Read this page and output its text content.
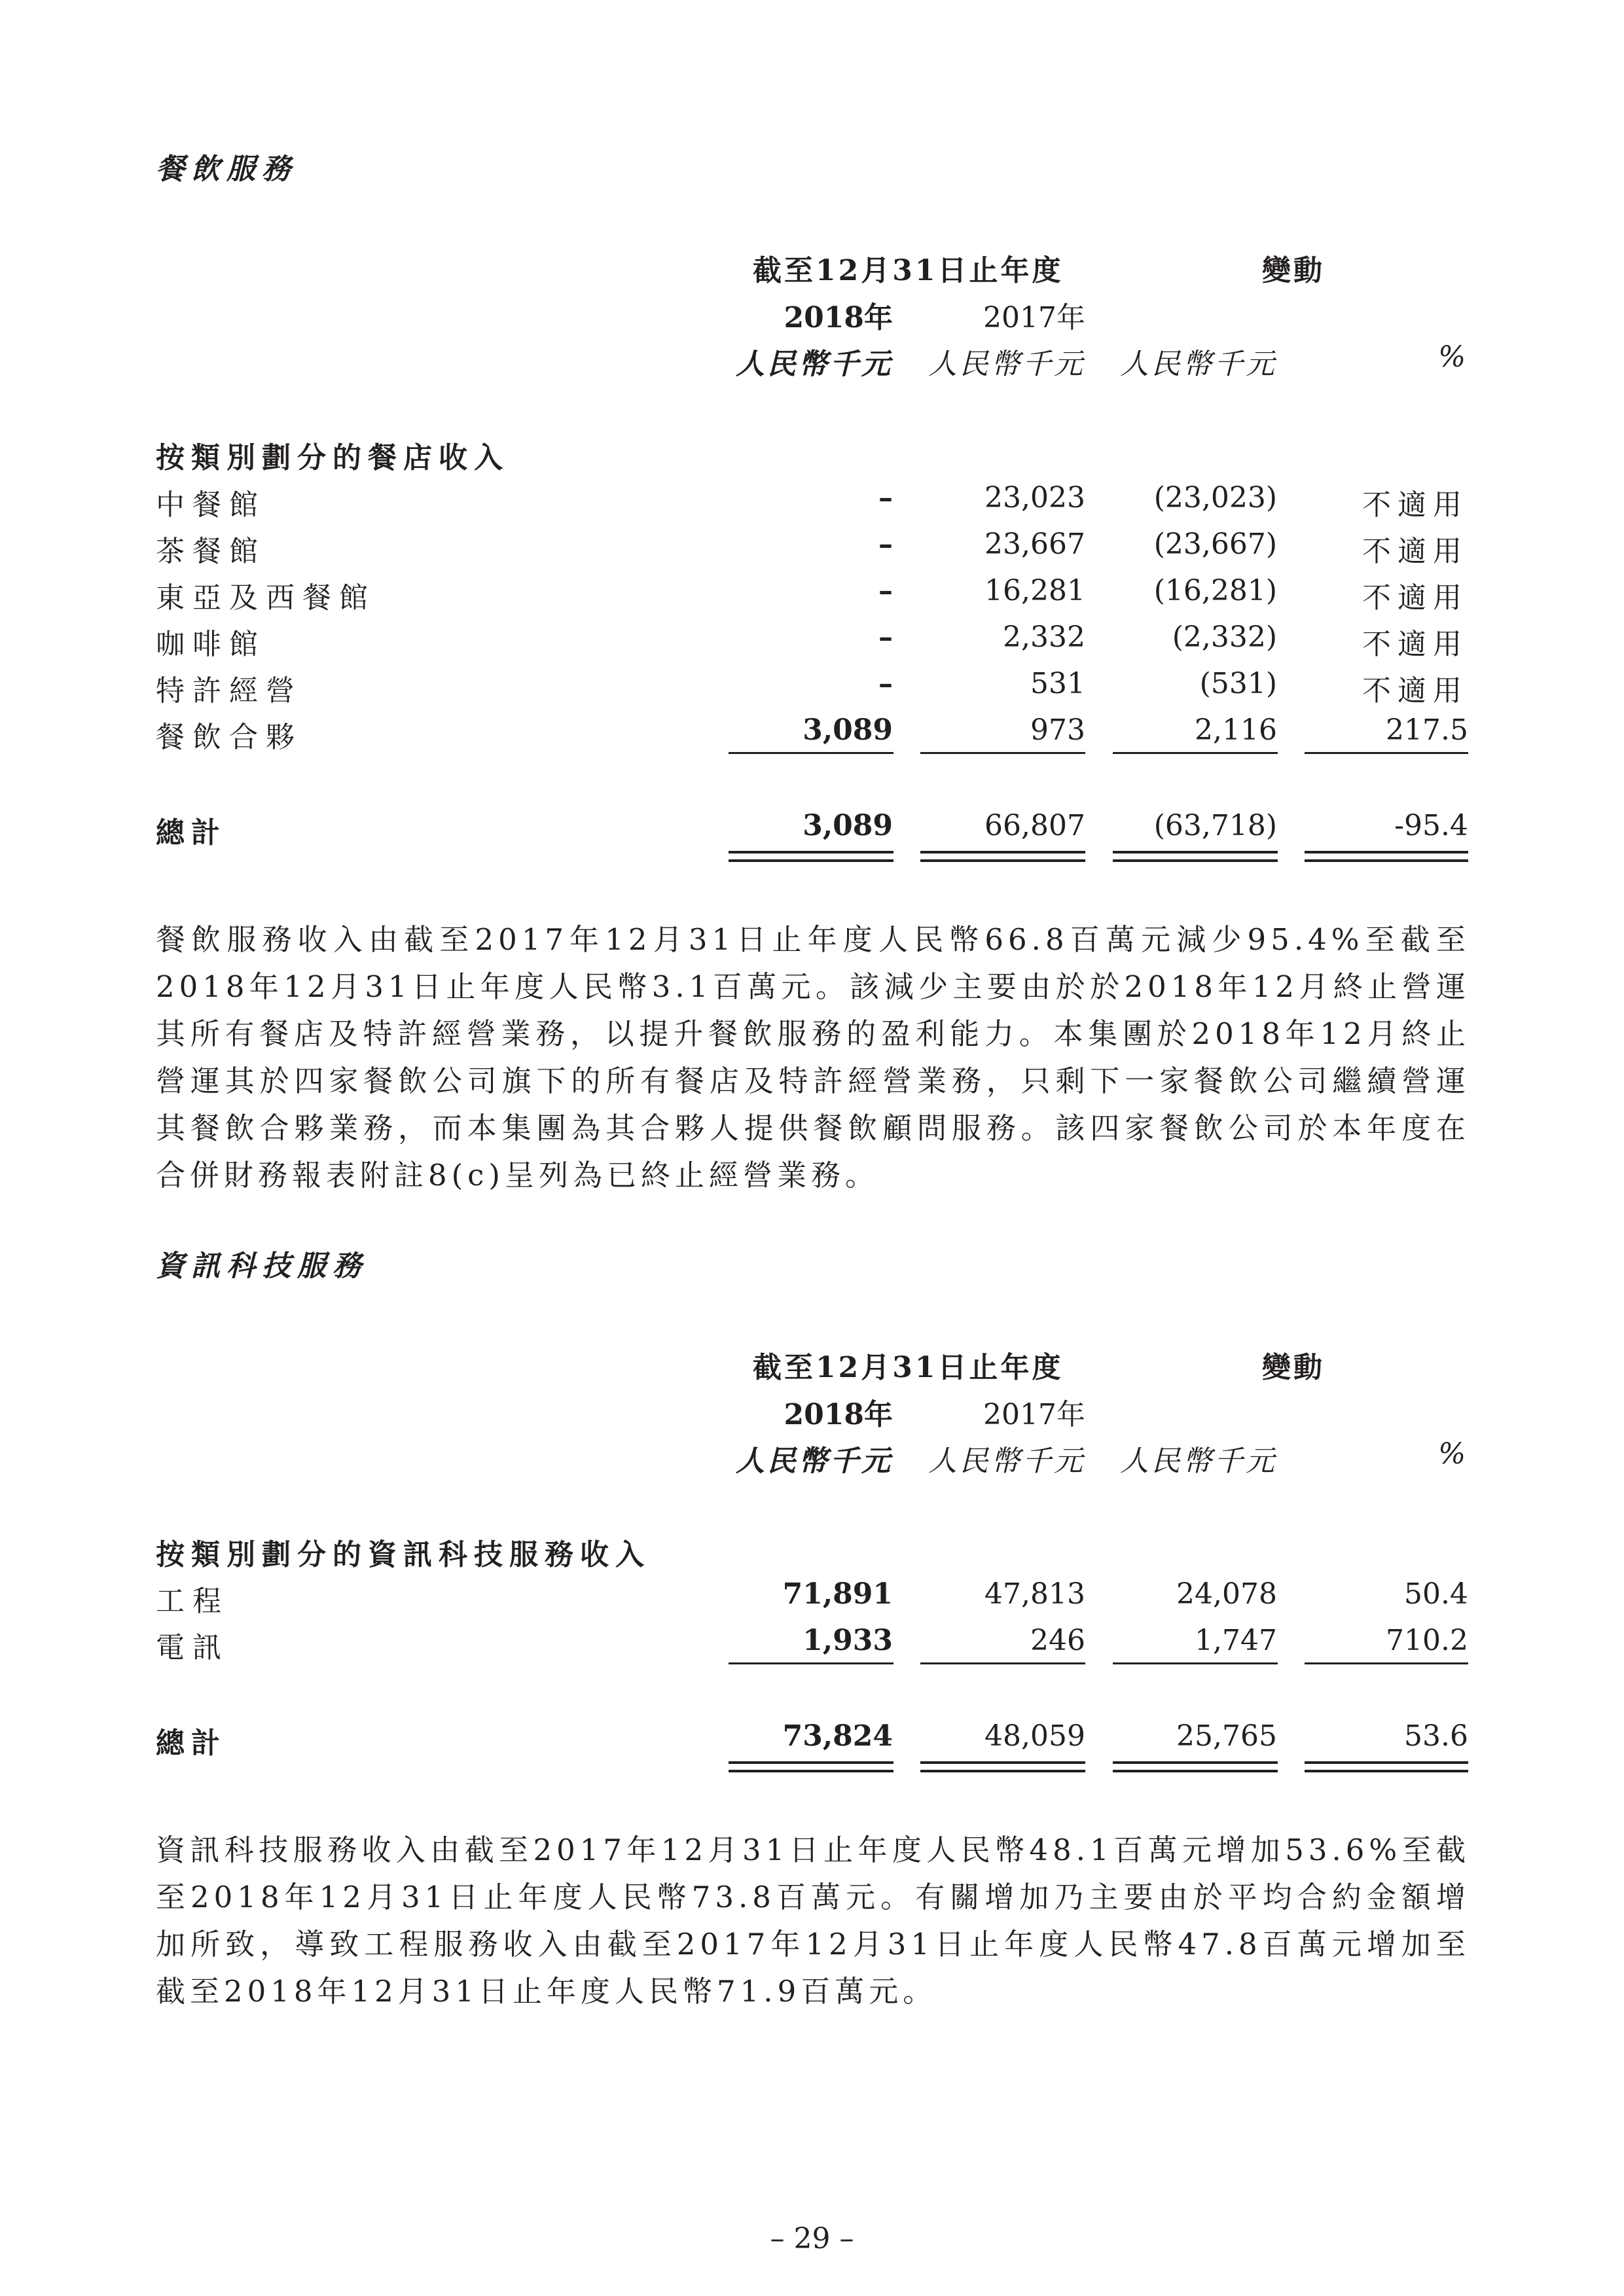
餐飲服務
截至12月31日止年度	變動
2018年	2017年
人民幣千元	人民幣千元	人民幣千元	%
按類別劃分的餐店收入
中餐館	–	23,023	(23,023)	不適用
茶餐館	–	23,667	(23,667)	不適用
東亞及西餐館	–	16,281	(16,281)	不適用
咖啡館	–	2,332	(2,332)	不適用
特許經營	–	531	(531)	不適用
餐飲合夥	3,089	973	2,116	217.5
總計	3,089	66,807	(63,718)	-95.4
餐飲服務收入由截至2017年12月31日止年度人民幣66.8百萬元減少95.4%至截至2018年12月31日止年度人民幣3.1百萬元。該減少主要由於於2018年12月終止營運其所有餐店及特許經營業務，以提升餐飲服務的盈利能力。本集團於2018年12月終止營運其於四家餐飲公司旗下的所有餐店及特許經營業務，只剩下一家餐飲公司繼續營運其餐飲合夥業務，而本集團為其合夥人提供餐飲顧問服務。該四家餐飲公司於本年度在合併財務報表附註8(c)呈列為已終止經營業務。
資訊科技服務
截至12月31日止年度	變動
2018年	2017年
人民幣千元	人民幣千元	人民幣千元	%
按類別劃分的資訊科技服務收入
工程	71,891	47,813	24,078	50.4
電訊	1,933	246	1,747	710.2
總計	73,824	48,059	25,765	53.6
資訊科技服務收入由截至2017年12月31日止年度人民幣48.1百萬元增加53.6%至截至2018年12月31日止年度人民幣73.8百萬元。有關增加乃主要由於平均合約金額增加所致，導致工程服務收入由截至2017年12月31日止年度人民幣47.8百萬元增加至截至2018年12月31日止年度人民幣71.9百萬元。
– 29 –
